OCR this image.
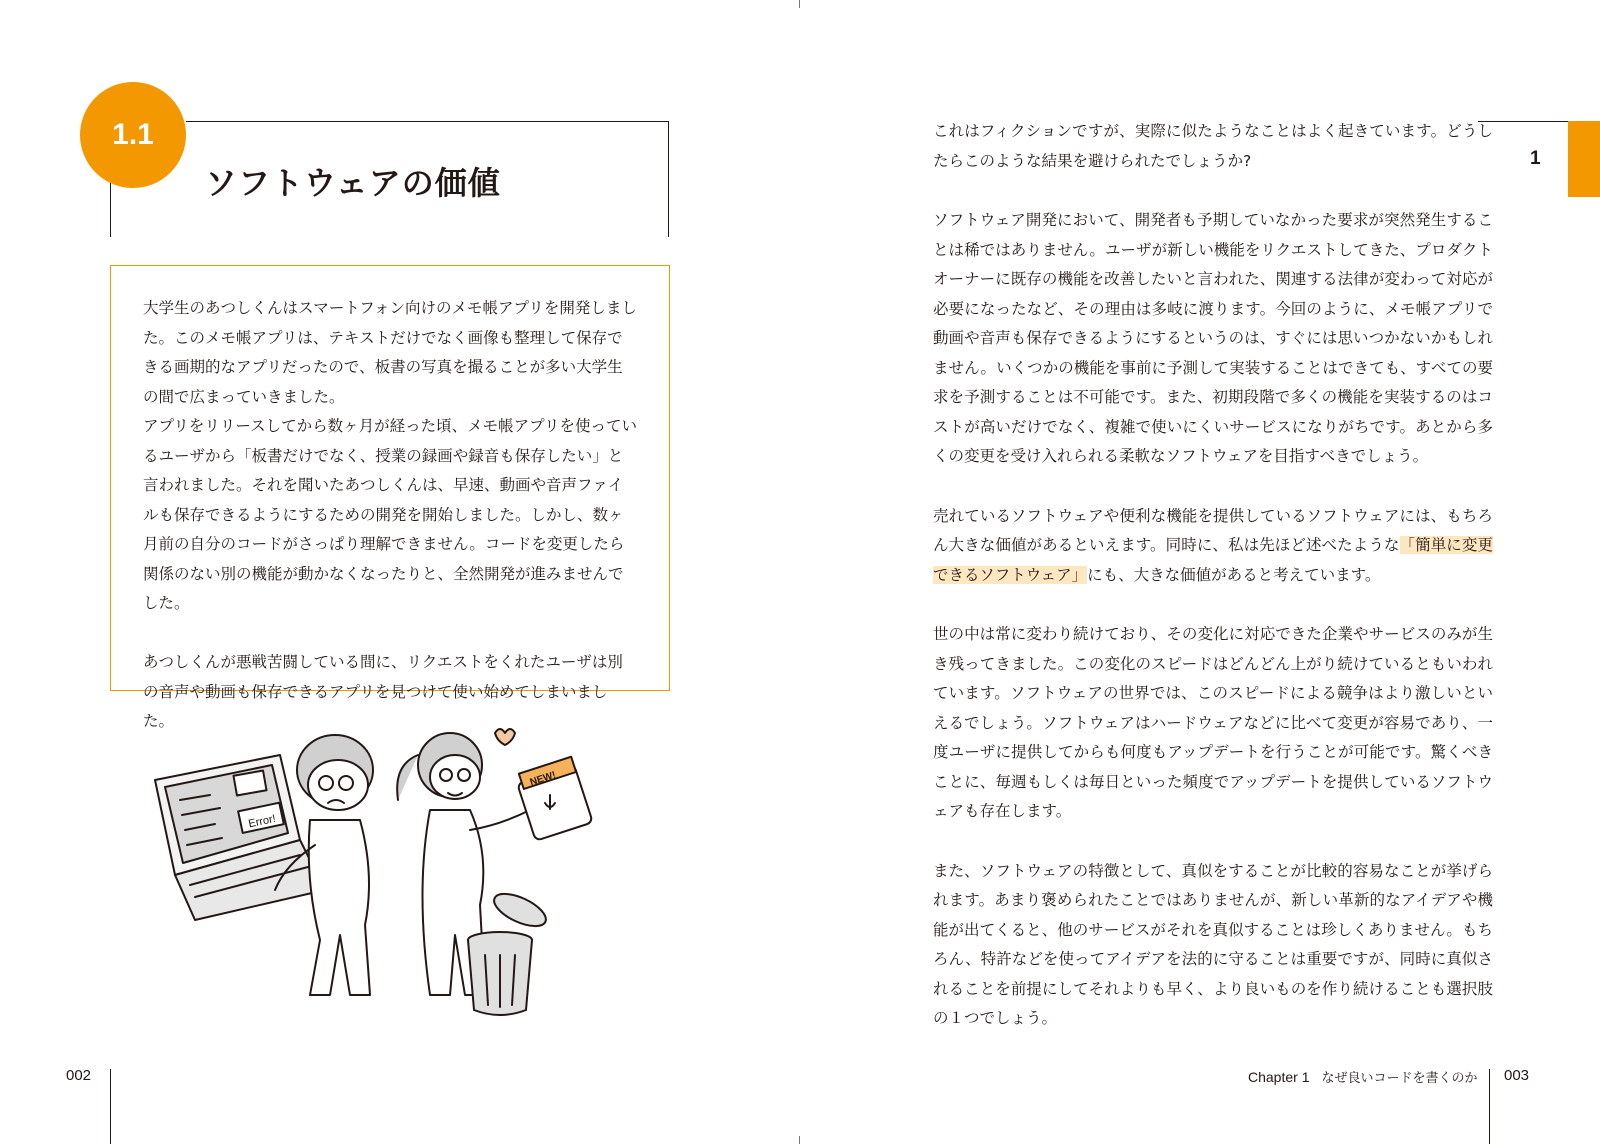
1.1
ソフトウェアの価値

大学生のあつしくんはスマートフォン向けのメモ帳アプリを開発しました。このメモ帳アプリは、テキストだけでなく画像も整理して保存できる画期的なアプリだったので、板書の写真を撮ることが多い大学生の間で広まっていきました。
アプリをリリースしてから数ヶ月が経った頃、メモ帳アプリを使っているユーザから「板書だけでなく、授業の録画や録音も保存したい」と言われました。それを聞いたあつしくんは、早速、動画や音声ファイルも保存できるようにするための開発を開始しました。しかし、数ヶ月前の自分のコードがさっぱり理解できません。コードを変更したら関係のない別の機能が動かなくなったりと、全然開発が進みませんでした。

あつしくんが悪戦苦闘している間に、リクエストをくれたユーザは別の音声や動画も保存できるアプリを見つけて使い始めてしまいました。

Error!
NEW!
002
1

これはフィクションですが、実際に似たようなことはよく起きています。どうしたらこのような結果を避けられたでしょうか?

ソフトウェア開発において、開発者も予期していなかった要求が突然発生することは稀ではありません。ユーザが新しい機能をリクエストしてきた、プロダクトオーナーに既存の機能を改善したいと言われた、関連する法律が変わって対応が必要になったなど、その理由は多岐に渡ります。今回のように、メモ帳アプリで動画や音声も保存できるようにするというのは、すぐには思いつかないかもしれません。いくつかの機能を事前に予測して実装することはできても、すべての要求を予測することは不可能です。また、初期段階で多くの機能を実装するのはコストが高いだけでなく、複雑で使いにくいサービスになりがちです。あとから多くの変更を受け入れられる柔軟なソフトウェアを目指すべきでしょう。

売れているソフトウェアや便利な機能を提供しているソフトウェアには、もちろん大きな価値があるといえます。同時に、私は先ほど述べたような「簡単に変更できるソフトウェア」にも、大きな価値があると考えています。

世の中は常に変わり続けており、その変化に対応できた企業やサービスのみが生き残ってきました。この変化のスピードはどんどん上がり続けているともいわれています。ソフトウェアの世界では、このスピードによる競争はより激しいといえるでしょう。ソフトウェアはハードウェアなどに比べて変更が容易であり、一度ユーザに提供してからも何度もアップデートを行うことが可能です。驚くべきことに、毎週もしくは毎日といった頻度でアップデートを提供しているソフトウェアも存在します。

また、ソフトウェアの特徴として、真似をすることが比較的容易なことが挙げられます。あまり褒められたことではありませんが、新しい革新的なアイデアや機能が出てくると、他のサービスがそれを真似することは珍しくありません。もちろん、特許などを使ってアイデアを法的に守ることは重要ですが、同時に真似されることを前提にしてそれよりも早く、より良いものを作り続けることも選択肢の１つでしょう。

Chapter 1 なぜ良いコードを書くのか 003
